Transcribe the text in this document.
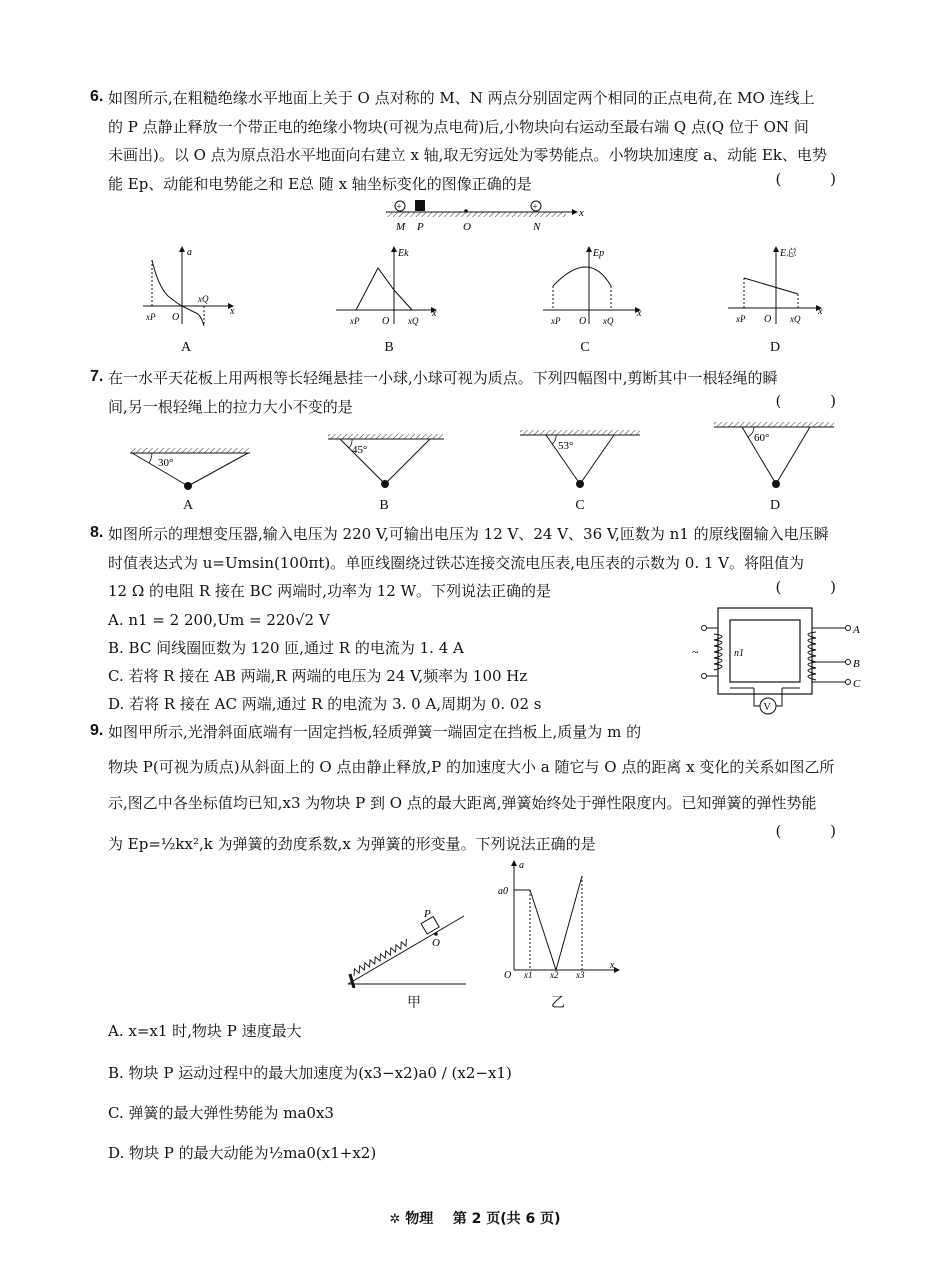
6. 如图所示,在粗糙绝缘水平地面上关于 O 点对称的 M、N 两点分别固定两个相同的正点电荷,在 MO 连线上
的 P 点静止释放一个带正电的绝缘小物块(可视为点电荷)后,小物块向右运动至最右端 Q 点(Q 位于 ON 间
未画出)。以 O 点为原点沿水平地面向右建立 x 轴,取无穷远处为零势能点。小物块加速度 a、动能 Ek、电势
能 Ep、动能和电势能之和 E总 随 x 轴坐标变化的图像正确的是	( )
+	+
M P	O	N
x
a
xP O
xQ
x
A
Ek
xP O xQ
x
B
Ep
xP O xQ
x
C
E总
xP O xQ
x
D
7. 在一水平天花板上用两根等长轻绳悬挂一小球,小球可视为质点。下列四幅图中,剪断其中一根轻绳的瞬
间,另一根轻绳上的拉力大小不变的是	( )
30°
A
45°
B
53°
C
60°
D
8. 如图所示的理想变压器,输入电压为 220 V,可输出电压为 12 V、24 V、36 V,匝数为 n1 的原线圈输入电压瞬
时值表达式为 u=Umsin(100πt)。单匝线圈绕过铁芯连接交流电压表,电压表的示数为 0. 1 V。将阻值为
12 Ω 的电阻 R 接在 BC 两端时,功率为 12 W。下列说法正确的是	( )
A. n1 = 2 200,Um = 220√2 V
B. BC 间线圈匝数为 120 匝,通过 R 的电流为 1. 4 A
C. 若将 R 接在 AB 两端,R 两端的电压为 24 V,频率为 100 Hz
D. 若将 R 接在 AC 两端,通过 R 的电流为 3. 0 A,周期为 0. 02 s
~	n1
A
B
C
V
9. 如图甲所示,光滑斜面底端有一固定挡板,轻质弹簧一端固定在挡板上,质量为 m 的
物块 P(可视为质点)从斜面上的 O 点由静止释放,P 的加速度大小 a 随它与 O 点的距离 x 变化的关系如图乙所
示,图乙中各坐标值均已知,x3 为物块 P 到 O 点的最大距离,弹簧始终处于弹性限度内。已知弹簧的弹性势能
为 Ep=½kx²,k 为弹簧的劲度系数,x 为弹簧的形变量。下列说法正确的是
( )
P
O
甲
a
a0
O x1 x2 x3
x
乙
A. x=x1 时,物块 P 速度最大
B. 物块 P 运动过程中的最大加速度为(x3−x2)a0 / (x2−x1)
C. 弹簧的最大弹性势能为 ma0x3
D. 物块 P 的最大动能为½ma0(x1+x2)
✲ 物理 第 2 页(共 6 页)
